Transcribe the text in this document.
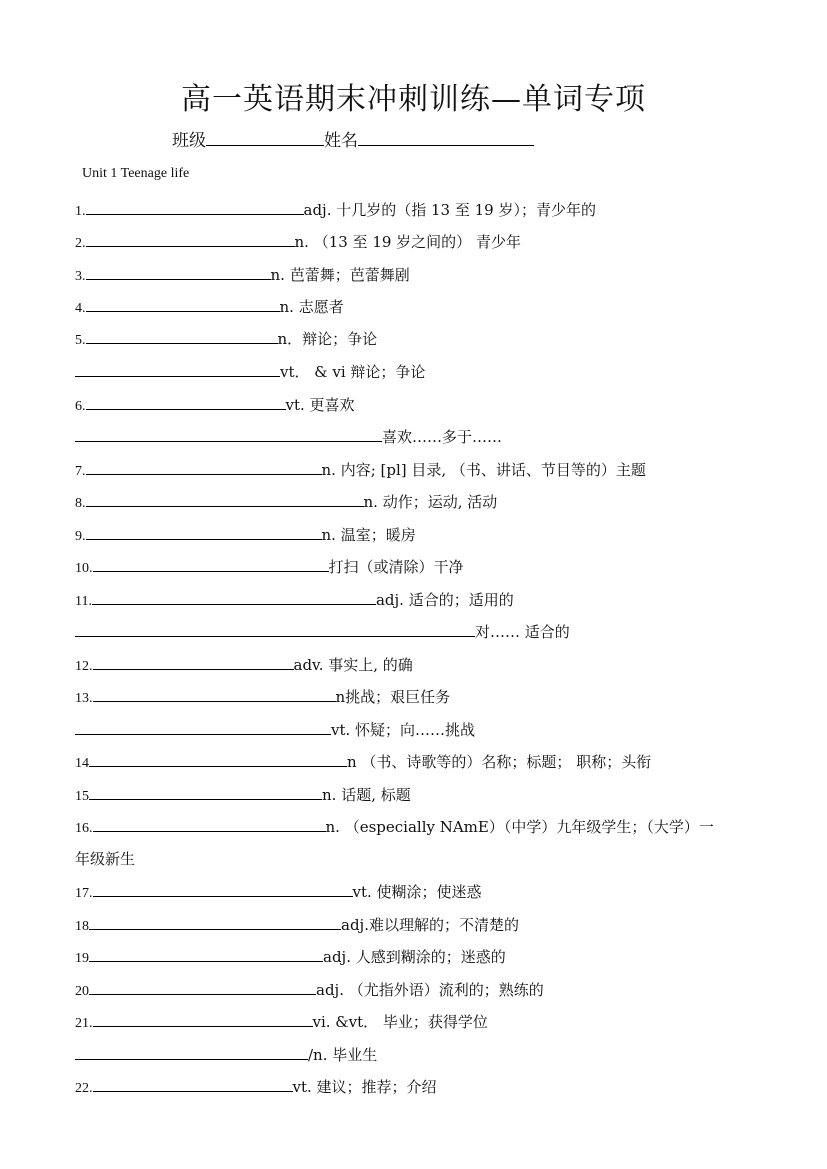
高一英语期末冲刺训练—单词专项
班级	姓名
Unit 1 Teenage life
1.	adj. 十几岁的（指 13 至 19 岁）；青少年的
2.	n. （13 至 19 岁之间的） 青少年
3.	n. 芭蕾舞；芭蕾舞剧
4.	n. 志愿者
5.	n．辩论；争论
vt． & vi 辩论；争论
6.	vt. 更喜欢
喜欢……多于……
7.	n. 内容; [pl] 目录, （书、讲话、节目等的）主题
8.	n. 动作；运动, 活动
9.	n. 温室；暖房
10.	打扫（或清除）干净
11.	adj. 适合的；适用的
对…… 适合的
12.	adv. 事实上, 的确
13.	n挑战；艰巨任务
vt. 怀疑；向……挑战
14	n （书、诗歌等的）名称；标题； 职称；头衔
15	n. 话题, 标题
16.	n. （especially NAmE）（中学）九年级学生；（大学）一
年级新生
17.	vt. 使糊涂；使迷惑
18	adj.难以理解的；不清楚的
19	adj. 人感到糊涂的；迷惑的
20	adj. （尤指外语）流利的；熟练的
21.	vi. &vt． 毕业；获得学位
/n. 毕业生
22.	vt. 建议；推荐；介绍
